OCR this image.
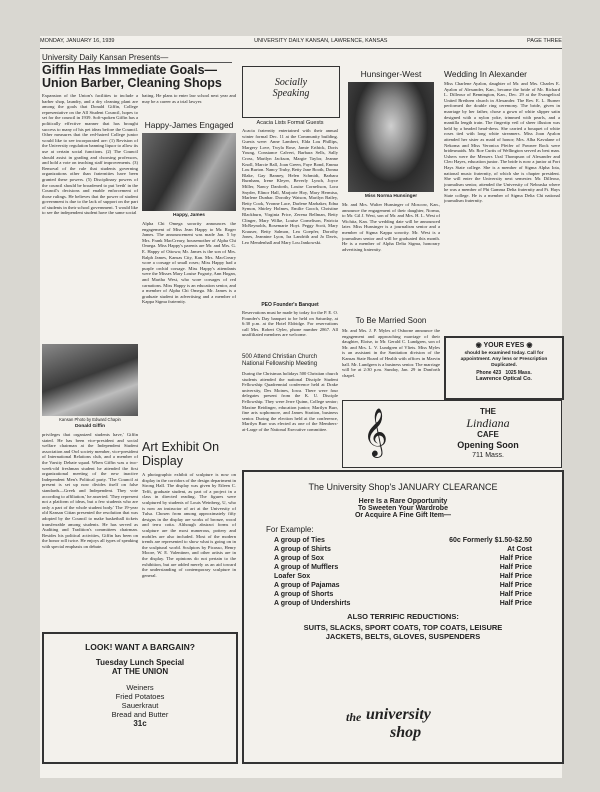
MONDAY, JANUARY 16, 1939	UNIVERSITY DAILY KANSAN, LAWRENCE, KANSAS	PAGE THREE
University Daily Kansan Presents—
Giffin Has Immediate Goals—Union Barber, Cleaning Shops
Expansion of the Union's facilities to include a barber shop, laundry, and a dry cleaning plant are among the goals that Donald Giffin, College representative on the All Student Council, hopes to set for the council in 1939. Soft-spoken Giffin has a politically effective manner that has brought success to many of his pet ideas before the Council. Other measures that the red-haired College junior would like to see incorporated are: (1) Revision of the University regulation banning liquor to allow its use at certain social functions. (2) The Council should assist in grading and choosing professors, and hold a vote on teaching staff improvements. (3) Removal of the rule that students governing organizations other than fraternities have been granted these powers. (5) Disciplinary powers of the council should be broadened to put 'teeth' in the Council's decisions and enable enforcement of those rulings. He believes that the power of student government is due to the lack of support on the part of students in their school government. 'I would like to see the independent student have the same social
Kansan Photo by Edward Chapin
Donald Giffin
privileges that organized students have,' Giffin stated. He has been vice-president and social welfare chairman at the Independent Student association and Owl society member, vice-president of International Relations club, and a member of the Varsity Debate squad. When Giffin was a two-week-old freshman student he attended the first organizational meeting of the new inactive Independent Men's Political party. 'The Council at present is set up now divides itself on false standards—Greek and Independent. They vote according to affiliation,' he asserted. 'They represent not a platform of ideas, but a few students who are only a part of the whole student body.' The 19-year old Kansan Citian presented the resolution that was adopted by the Council to make basketball tickets transferrable among students. He has served as Auditing and Tradition's committees chairman. Besides his political activities, Giffin has been on the honor roll twice. He enjoys all types of speaking with special emphasis on debate.
bating. He plans to enter law school next year and may be a career as a trial lawyer.
Happy-James Engaged
Happy, James
Alpha Chi Omega sorority announces the engagement of Miss Jean Happy to Mr. Roger James. The announcement was made Jan. 5 by Mrs. Frank MacCreary, housemother of Alpha Chi Omega. Miss Happy's parents are Mr. and Mrs. G. E. Happy of Ottowa; Mr. James is the son of Mrs. Ralph James, Kansas City, Kan. Mrs. MacCreary wore a corsage of small roses; Miss Happy had a purple orchid corsage. Miss Happy's attendants were the Misses Mary Louise Fogarty, Ann Hogan, and Martha West, who wore corsages of red carnations. Miss Happy is an education senior, and a member of Alpha Chi Omega. Mr. James is a graduate student in advertising and a member of Kappa Sigma fraternity.
Art Exhibit On Display
A photographic exhibit of sculpture is now on display in the corridors of the design department in Strong Hall. The display was given by Eileen C. Tefft, graduate student, as part of a project in a class in directed reading. The figures were sculptured by students of Louis Weinberg, U, who is now an instructor of art at the University of Tulsa. Chosen from among approximately fifty designs in the display are works of bronze, wood and terra cotta. Although abstract forms of sculpture are the most numerous, pottery and mobiles are also included. Most of the modern trends are represented to show what is going on in the sculptural world. Sculptors by Picasso, Henry Moore, W. E. Valentiner, and other artists are in the display. The opinions do not pertain to the exhibition, but are added merely as an aid toward the understanding of contemporary sculpture in general.
LOOK! WANT A BARGAIN?
Tuesday Lunch Special
AT THE UNION
Weiners
Fried Potatoes
Sauerkraut
Bread and Butter
31c
Socially
Speaking
Acacia Lists Formal Guests
Acacia fraternity entertained with their annual winter formal Dec. 11 at the Community building. Guests were: Anne Lambert, Elda Lou Phillips, Margery Love, Twyla Rose, Jamie Erthick, Doris Young, Constance Calvert, Barbara Sells, Sally Cross, Marilyn Jackson, Margie Taylor, Jeanne Knoll, Marcie Ball, Joan Green, Faye Bond, Emma Lou Burton. Nancy Truby, Betty Jane Booth, Donna Blake, Gay Banney, Helen Schmidt, Barbara Burnham, Irene Kleyer, Beverly Lynch, Joyce Miller, Nancy Danforth, Louise Cornelison, Lora Snyder, Elinor Hall, Marjorie Hoy, Mary Hermisa, Marlene Dunbar. Dorothy Watson, Marilyn Bailey, Betty Cook, Yvonne Lace, Darlene Marbaker, Edna Symon, Shirley Holmes, Emilie Gooch, Christine Blackburn, Virginia Price, Zerena Bellman, Betty Clinger, Mary Wilke, Louise Cornelison, Patricia McReynolds, Rosemarie Hoyt. Peggy Scott, Mary Krauser, Betty Salmon, Lea Goepfer, Dorothy Jones, Jeannine Lyon, Ira Landrith and Jo Davis, Leo Mendenhall and Mary Lou Jankowski.
PEO Founder's Banquet
Reservations must be made by today for the P. E. O. Founder's Day banquet to be held on Saturday, at 6:30 p.m. at the Hotel Eldridge. For reservations call Mrs. Robert Oyler, phone number 2867. All unaffiliated members are welcome.
500 Attend Christian Church National Fellowship Meeting
During the Christmas holidays 500 Christian church students attended the national Disciple Student Fellowship Quadrennial conference held at Drake university, Des Moines, Iowa. There were four delegates present from the K. U. Disciple Fellowship. They were Jerre Quinn, College senior; Maxine Reidinger, education junior; Marilyn Burr, fine arts sophomore, and James Stratton, business senior. During the election held at the conference, Marilyn Burr was elected as one of the Members-at-Large of the National Executive committee.
Hunsinger-West
Miss Norma Hunsinger
Mr. and Mrs. Walter Hunsinger of Moscow, Kan., announce the engagement of their daughter, Norma, to Mr. Gil J. West, son of Mr. and Mrs. H. L. West of Wichita, Kan. The wedding date will be announced later. Miss Hunsinger is a journalism senior and a member of Sigma Kappa sorority. Mr. West is a journalism senior and will be graduated this month. He is a member of Alpha Delta Sigma, honorary advertising fraternity.
To Be Married Soon
Mr. and Mrs. J. P. Myles of Osborne announce the engagement and approaching marriage of their daughter, Eloise, to Mr. Gerald C. Lundgren, son of Mr. and Mrs. L. V. Lundgren of Vliets. Miss Myles is an assistant in the Sanitation division of the Kansas State Board of Health with offices in Marvin hall. Mr. Lundgren is a business senior. The marriage will be at 2:30 p.m. Sunday, Jan. 29 in Danforth chapel.
Wedding In Alexander
Miss Charlene Ayalon, daughter of Mr. and Mrs. Charles E. Ayalon of Alexander, Kan., became the bride of Mr. Richard L. Dilleour of Bennington, Kan., Dec. 29 at the Evangelical United Brethren church in Alexander. The Rev. E. L. Burner performed the double ring ceremony. The bride, given in marriage by her father, chose a gown of white slipper satin designed with a nylon yoke, trimmed with pearls, and a mantilla length train. The fingertip veil of sheer illusion was held by a beaded head-dress. She carried a bouquet of white roses tied with long white streamers. Miss Joan Ayalon attended her sister as maid of honor; Mrs. Alba Kavalane of Nekoma and Miss Veronica Pfeifer of Pawnee Rock were bridesmaids. Mr. Roe Curtis of Wellington served as best man. Ushers were the Messers Ural Thompson of Alexander and Cleo Hayes, education junior. The bride is now a junior at Fort Hays State college. She is a member of Sigma Alpha Iota, national music fraternity, of which she is chapter president. She will enter the University next semester. Mr. Dilleour, journalism senior, attended the University of Nebraska where he was a member of Phi Gamma Delta fraternity and Ft. Hays State college. He is a member of Sigma Delta Chi national journalism fraternity.
◉ YOUR EYES ◉
should be examined today. Call for appointment. Any lens or Prescription Duplicated.
Phone 423 1025 Mass.
Lawrence Optical Co.
𝄞	THE
Lindiana
CAFE
Opening Soon
711 Mass.
The University Shop's JANUARY CLEARANCE
Here Is a Rare Opportunity
To Sweeten Your Wardrobe
Or Acquire A Fine Gift Item—
For Example:
A group of Ties	60c Formerly $1.50-$2.50
A group of Shirts	At Cost
A group of Sox	Half Price
A group of Mufflers	Half Price
Loafer Sox	Half Price
A group of Pajamas	Half Price
A group of Shorts	Half Price
A group of Undershirts	Half Price
ALSO TERRIFIC REDUCTIONS:
SUITS, SLACKS, SPORT COATS, TOP COATS, LEISURE
JACKETS, BELTS, GLOVES, SUSPENDERS
the university
shop
